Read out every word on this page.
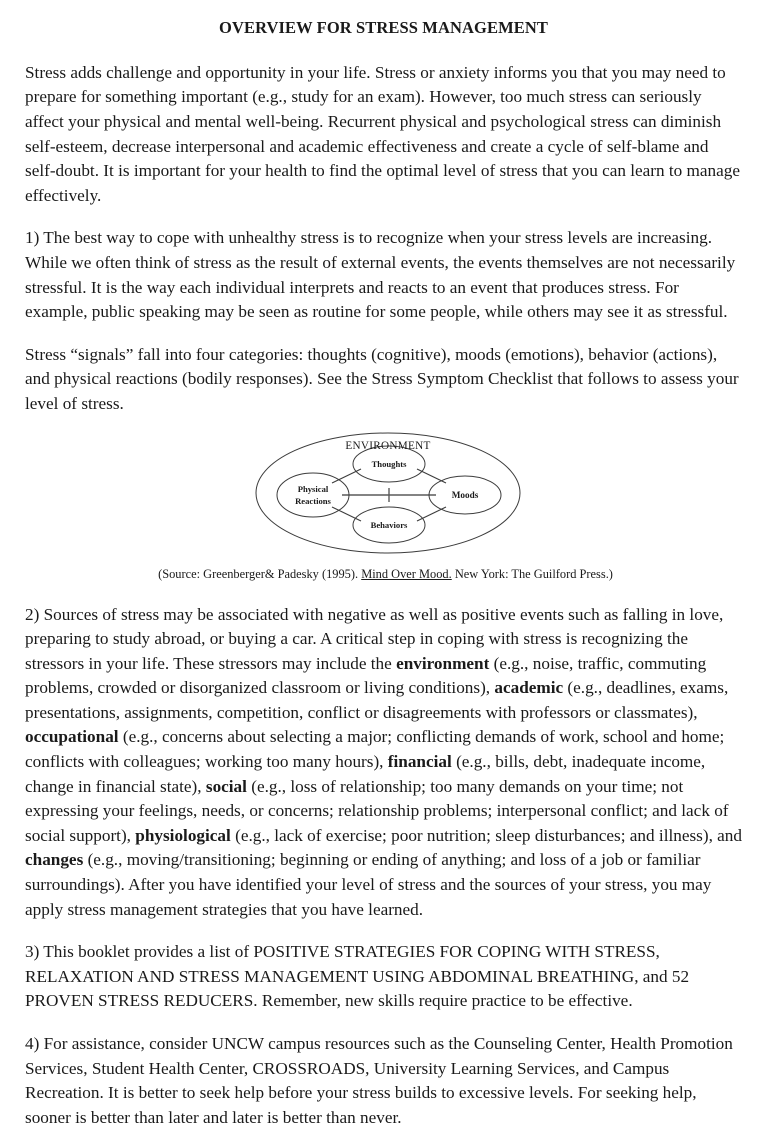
OVERVIEW FOR STRESS MANAGEMENT

Stress adds challenge and opportunity in your life. Stress or anxiety informs you that you may need to prepare for something important (e.g., study for an exam). However, too much stress can seriously affect your physical and mental well-being. Recurrent physical and psychological stress can diminish self-esteem, decrease interpersonal and academic effectiveness and create a cycle of self-blame and self-doubt. It is important for your health to find the optimal level of stress that you can learn to manage effectively.

1) The best way to cope with unhealthy stress is to recognize when your stress levels are increasing. While we often think of stress as the result of external events, the events themselves are not necessarily stressful. It is the way each individual interprets and reacts to an event that produces stress. For example, public speaking may be seen as routine for some people, while others may see it as stressful.

Stress “signals” fall into four categories: thoughts (cognitive), moods (emotions), behavior (actions), and physical reactions (bodily responses). See the Stress Symptom Checklist that follows to assess your level of stress.

ENVIRONMENT
Thoughts
Moods
Behaviors
Physical
Reactions

(Source: Greenberger& Padesky (1995). Mind Over Mood. New York: The Guilford Press.)

2) Sources of stress may be associated with negative as well as positive events such as falling in love, preparing to study abroad, or buying a car. A critical step in coping with stress is recognizing the stressors in your life. These stressors may include the environment (e.g., noise, traffic, commuting problems, crowded or disorganized classroom or living conditions), academic (e.g., deadlines, exams, presentations, assignments, competition, conflict or disagreements with professors or classmates), occupational (e.g., concerns about selecting a major; conflicting demands of work, school and home; conflicts with colleagues; working too many hours), financial (e.g., bills, debt, inadequate income, change in financial state), social (e.g., loss of relationship; too many demands on your time; not expressing your feelings, needs, or concerns; relationship problems; interpersonal conflict; and lack of social support), physiological (e.g., lack of exercise; poor nutrition; sleep disturbances; and illness), and changes (e.g., moving/transitioning; beginning or ending of anything; and loss of a job or familiar surroundings). After you have identified your level of stress and the sources of your stress, you may apply stress management strategies that you have learned.

3) This booklet provides a list of POSITIVE STRATEGIES FOR COPING WITH STRESS, RELAXATION AND STRESS MANAGEMENT USING ABDOMINAL BREATHING, and 52 PROVEN STRESS REDUCERS. Remember, new skills require practice to be effective.

4) For assistance, consider UNCW campus resources such as the Counseling Center, Health Promotion Services, Student Health Center, CROSSROADS, University Learning Services, and Campus Recreation. It is better to seek help before your stress builds to excessive levels. For seeking help, sooner is better than later and later is better than never.
